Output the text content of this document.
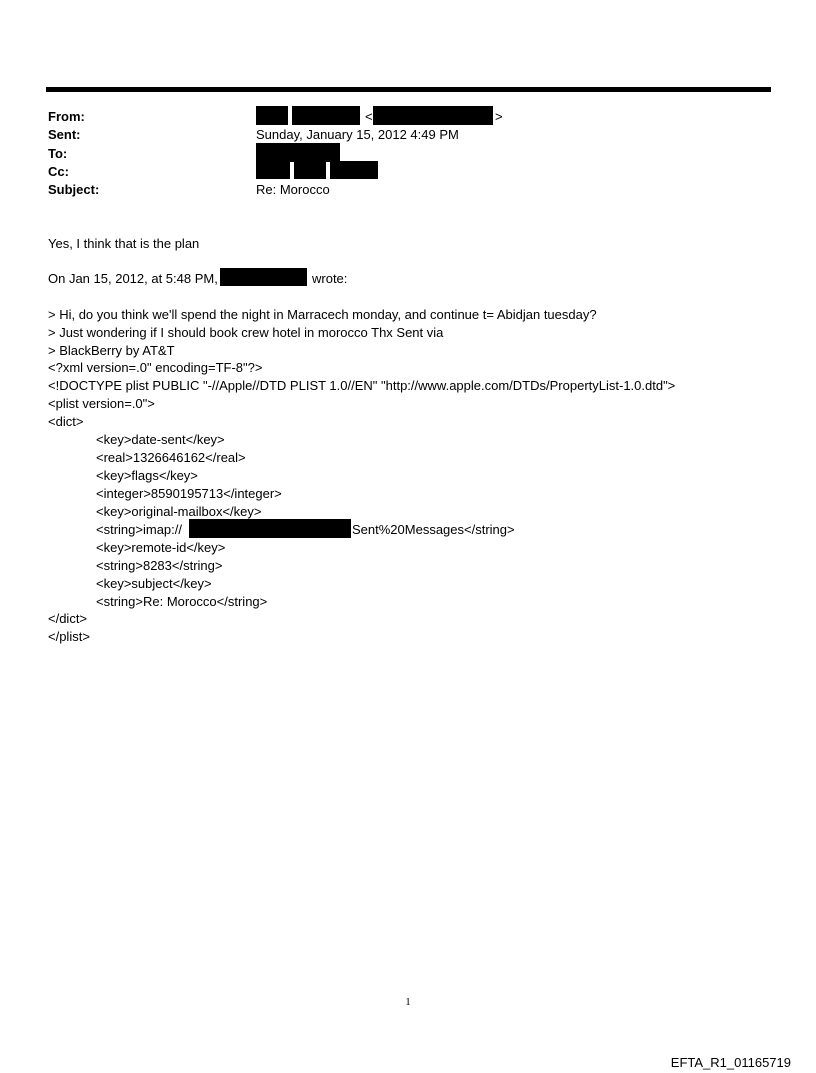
From:	<	>
Sent:	Sunday, January 15, 2012 4:49 PM
To:
Cc:
Subject:	Re: Morocco
Yes, I think that is the plan
On Jan 15, 2012, at 5:48 PM,	wrote:
> Hi, do you think we'll spend the night in Marracech monday, and continue t= Abidjan tuesday?
> Just wondering if I should book crew hotel in morocco Thx Sent via
> BlackBerry by AT&T
<?xml version=.0" encoding=TF-8"?>
<!DOCTYPE plist PUBLIC "-//Apple//DTD PLIST 1.0//EN" "http://www.apple.com/DTDs/PropertyList-1.0.dtd">
<plist version=.0">
<dict>
<key>date-sent</key>
<real>1326646162</real>
<key>flags</key>
<integer>8590195713</integer>
<key>original-mailbox</key>
<string>imap://	Sent%20Messages</string>
<key>remote-id</key>
<string>8283</string>
<key>subject</key>
<string>Re: Morocco</string>
</dict>
</plist>
1
EFTA_R1_01165719
